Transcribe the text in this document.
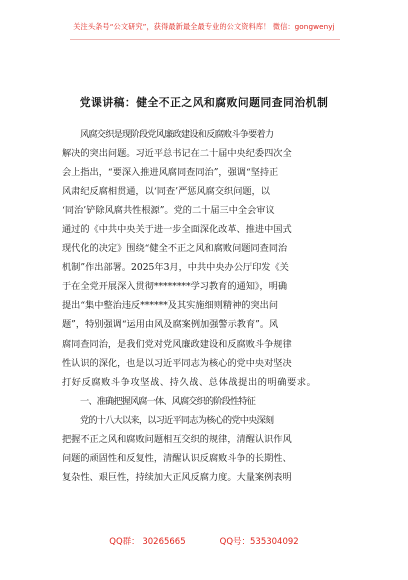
关注头条号“公文研究”，获得最新最全最专业的公文资料库！ 微信：gongwenyj
党课讲稿：健全不正之风和腐败问题同查同治机制
风腐交织是现阶段党风廉政建设和反腐败斗争要着力
解决的突出问题。习近平总书记在二十届中央纪委四次全
会上指出，“要深入推进风腐同查同治”，强调“坚持正
风肃纪反腐相贯通，以‘同查’严惩风腐交织问题，以
‘同治’铲除风腐共性根源”。党的二十届三中全会审议
通过的《中共中央关于进一步全面深化改革、推进中国式
现代化的决定》围绕“健全不正之风和腐败问题同查同治
机制”作出部署。2025年3月，中共中央办公厅印发《关
于在全党开展深入贯彻********学习教育的通知》，明确
提出“集中整治违反******及其实施细则精神的突出问
题”，特别强调“运用由风及腐案例加强警示教育”。风
腐同查同治，是我们党对党风廉政建设和反腐败斗争规律
性认识的深化，也是以习近平同志为核心的党中央对坚决
打好反腐败斗争攻坚战、持久战、总体战提出的明确要求。
一、准确把握风腐一体、风腐交织的阶段性特征
党的十八大以来，以习近平同志为核心的党中央深刻
把握不正之风和腐败问题相互交织的规律，清醒认识作风
问题的顽固性和反复性，清醒认识反腐败斗争的长期性、
复杂性、艰巨性，持续加大正风反腐力度。大量案例表明
QQ群： 30265665	QQ号：535304092
